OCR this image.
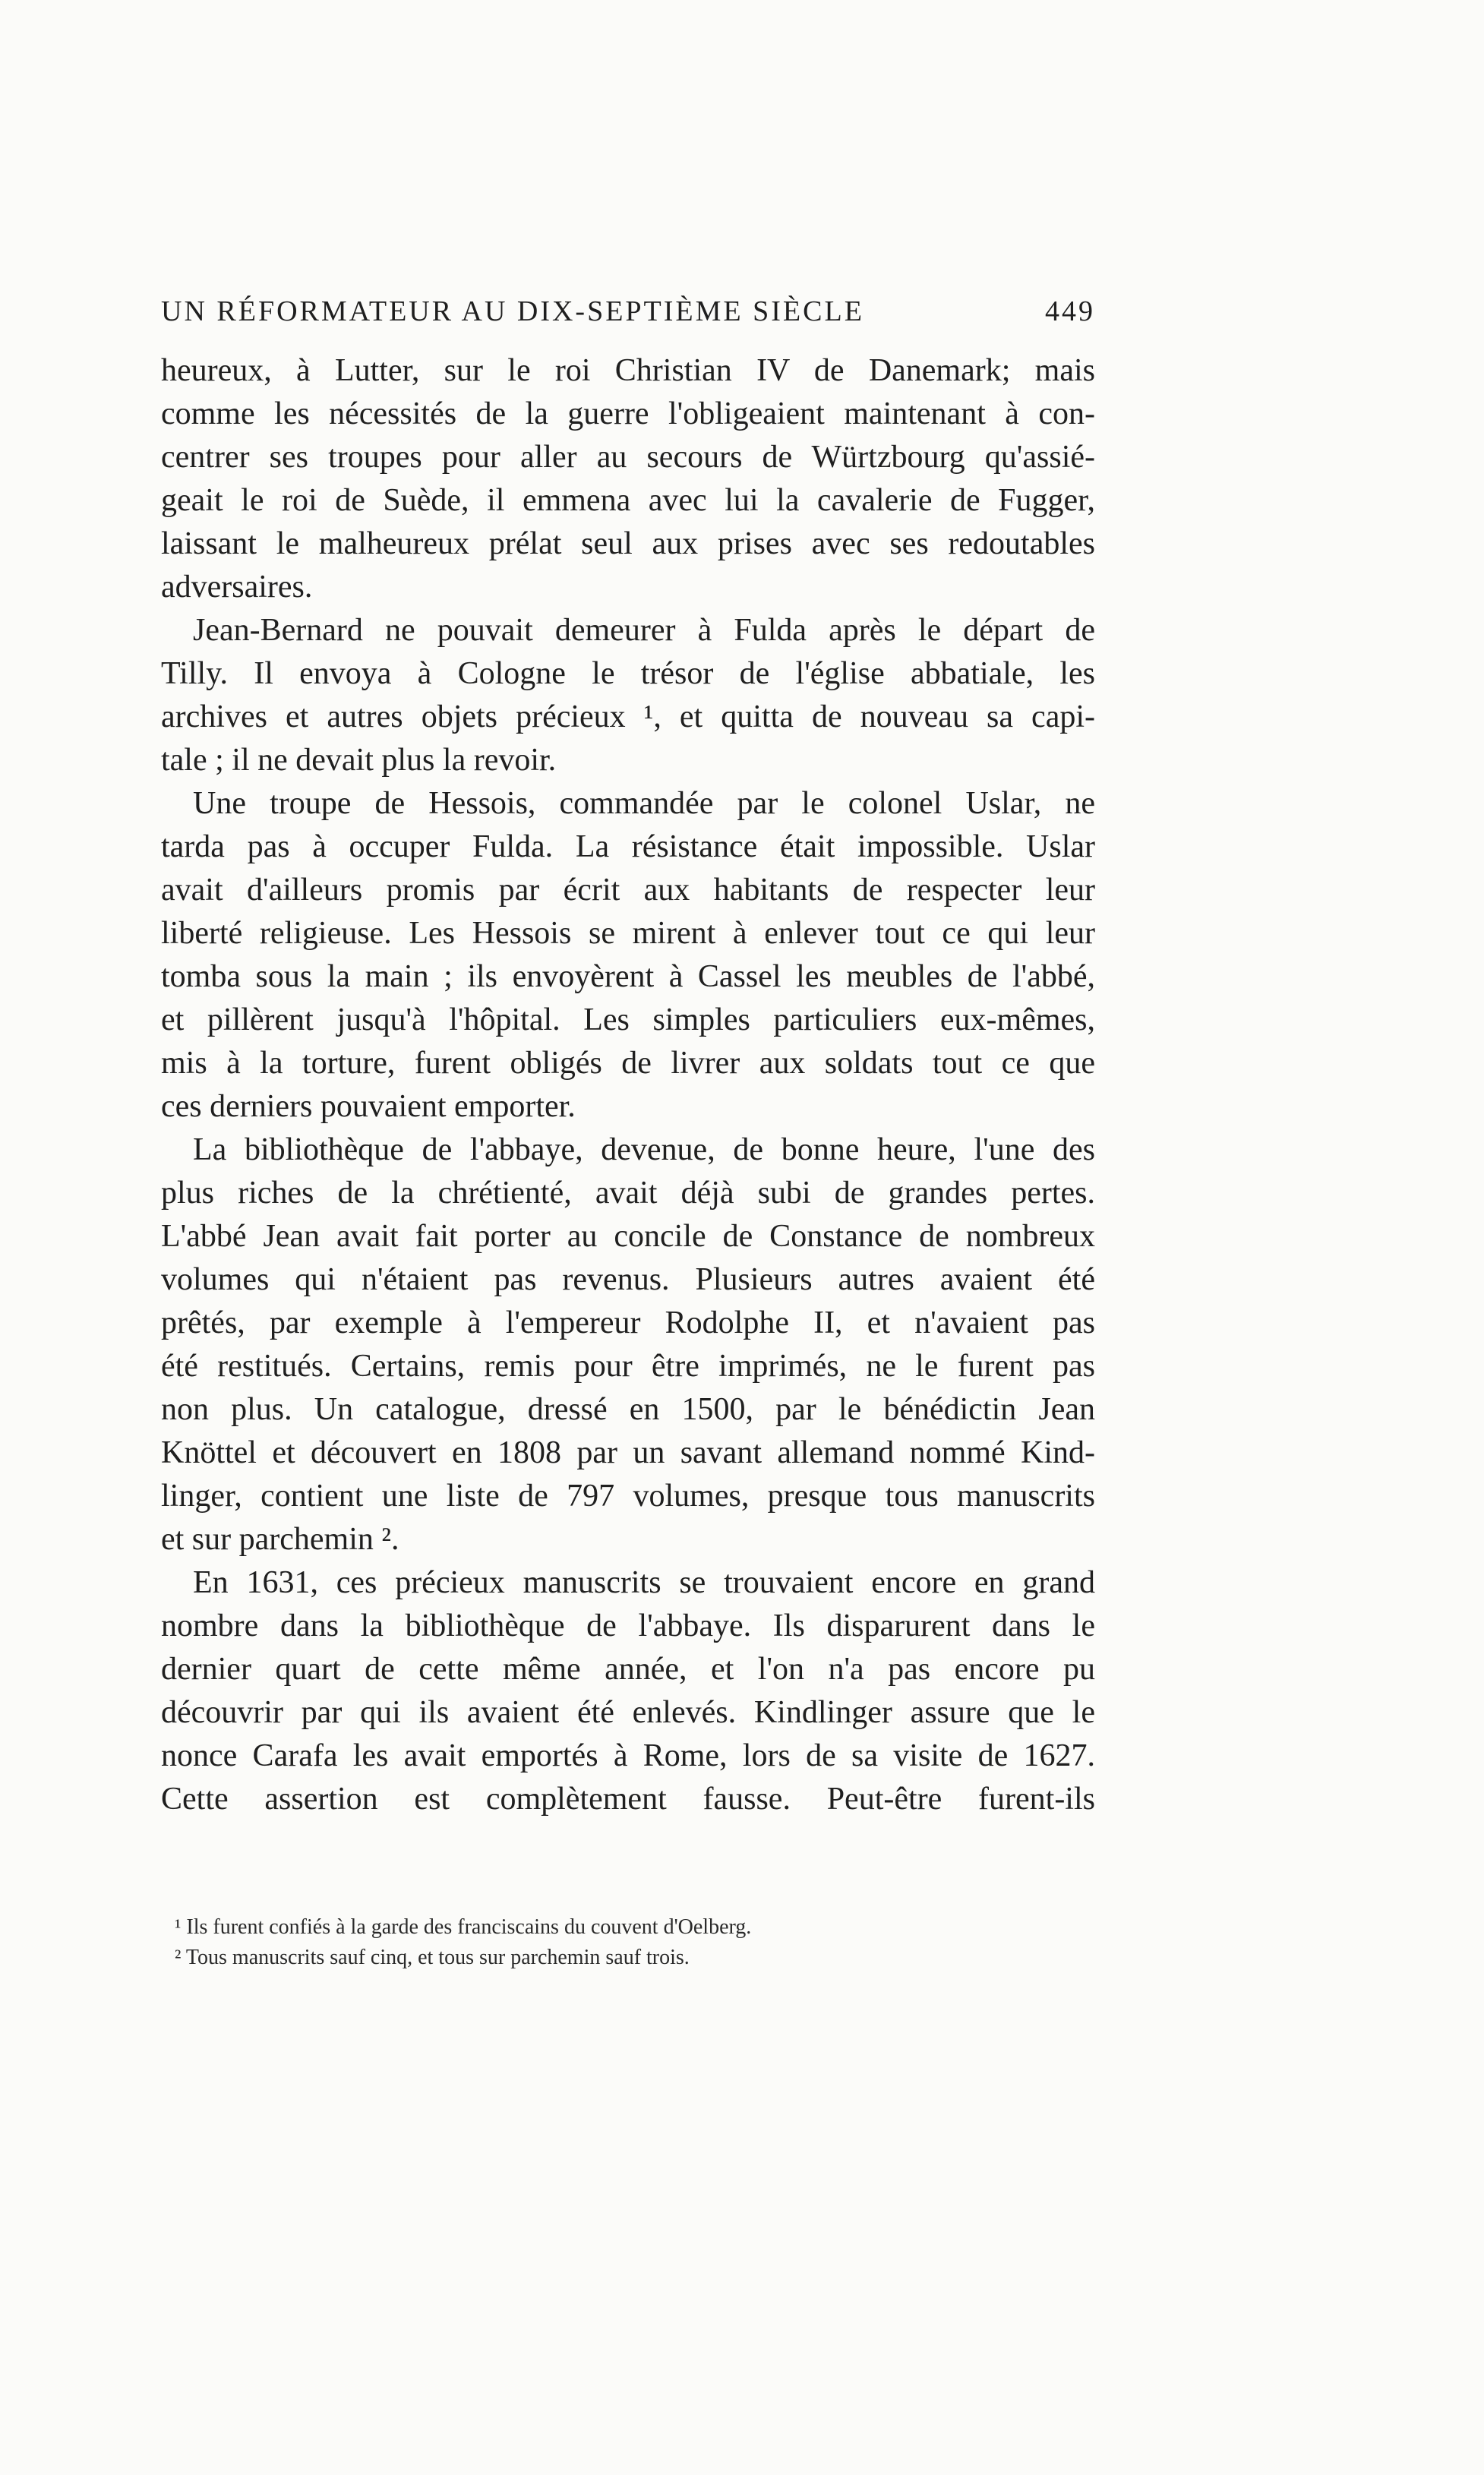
UN RÉFORMATEUR AU DIX-SEPTIÈME SIÈCLE	449
heureux, à Lutter, sur le roi Christian IV de Danemark; mais
comme les nécessités de la guerre l'obligeaient maintenant à con-
centrer ses troupes pour aller au secours de Würtzbourg qu'assié-
geait le roi de Suède, il emmena avec lui la cavalerie de Fugger,
laissant le malheureux prélat seul aux prises avec ses redoutables
adversaires.
Jean-Bernard ne pouvait demeurer à Fulda après le départ de
Tilly. Il envoya à Cologne le trésor de l'église abbatiale, les
archives et autres objets précieux ¹, et quitta de nouveau sa capi-
tale ; il ne devait plus la revoir.
Une troupe de Hessois, commandée par le colonel Uslar, ne
tarda pas à occuper Fulda. La résistance était impossible. Uslar
avait d'ailleurs promis par écrit aux habitants de respecter leur
liberté religieuse. Les Hessois se mirent à enlever tout ce qui leur
tomba sous la main ; ils envoyèrent à Cassel les meubles de l'abbé,
et pillèrent jusqu'à l'hôpital. Les simples particuliers eux-mêmes,
mis à la torture, furent obligés de livrer aux soldats tout ce que
ces derniers pouvaient emporter.
La bibliothèque de l'abbaye, devenue, de bonne heure, l'une des
plus riches de la chrétienté, avait déjà subi de grandes pertes.
L'abbé Jean avait fait porter au concile de Constance de nombreux
volumes qui n'étaient pas revenus. Plusieurs autres avaient été
prêtés, par exemple à l'empereur Rodolphe II, et n'avaient pas
été restitués. Certains, remis pour être imprimés, ne le furent pas
non plus. Un catalogue, dressé en 1500, par le bénédictin Jean
Knöttel et découvert en 1808 par un savant allemand nommé Kind-
linger, contient une liste de 797 volumes, presque tous manuscrits
et sur parchemin ².
En 1631, ces précieux manuscrits se trouvaient encore en grand
nombre dans la bibliothèque de l'abbaye. Ils disparurent dans le
dernier quart de cette même année, et l'on n'a pas encore pu
découvrir par qui ils avaient été enlevés. Kindlinger assure que le
nonce Carafa les avait emportés à Rome, lors de sa visite de 1627.
Cette assertion est complètement fausse. Peut-être furent-ils
¹ Ils furent confiés à la garde des franciscains du couvent d'Oelberg.
² Tous manuscrits sauf cinq, et tous sur parchemin sauf trois.
